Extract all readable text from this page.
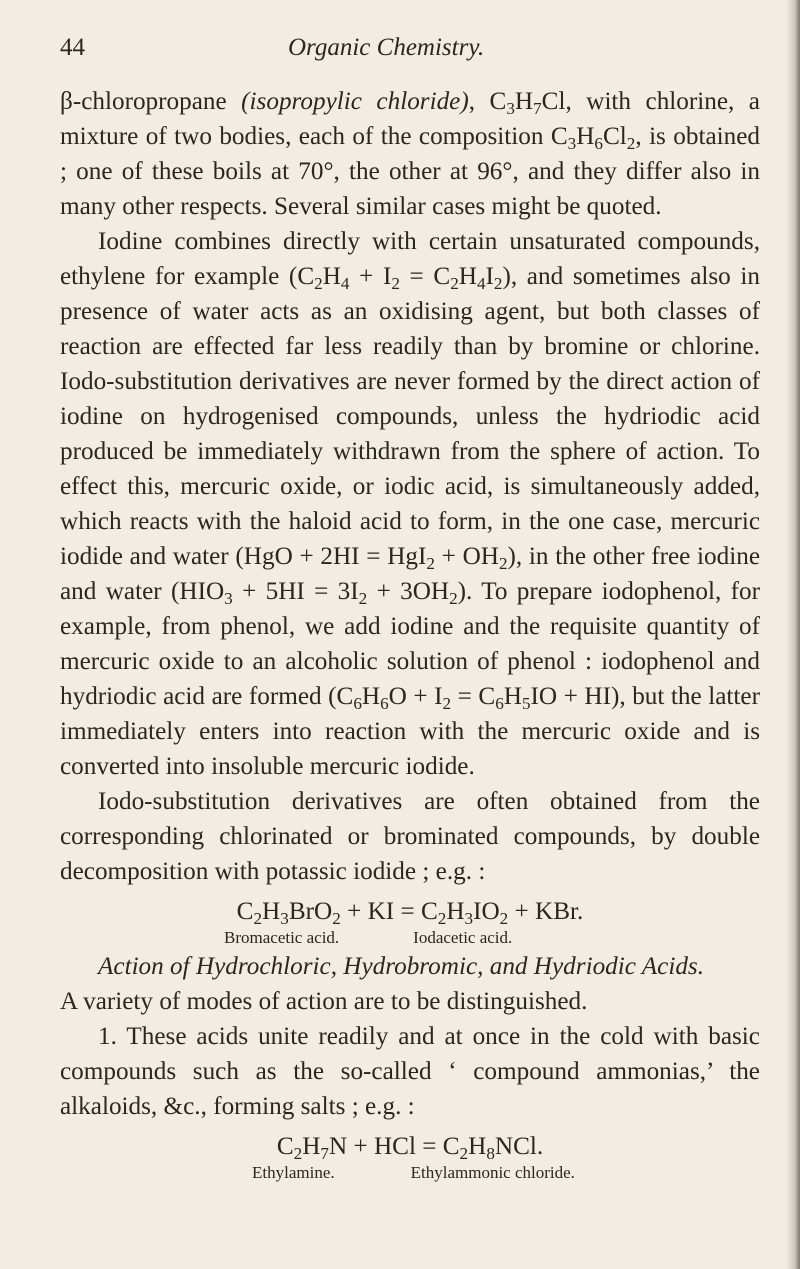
44	Organic Chemistry.

β-chloropropane (isopropylic chloride), $C_3H_7Cl$, with chlorine, a mixture of two bodies, each of the composition $C_3H_6Cl_2$, is obtained ; one of these boils at 70°, the other at 96°, and they differ also in many other respects. Several similar cases might be quoted.

Iodine combines directly with certain unsaturated compounds, ethylene for example $(C_2H_4 + I_2 = C_2H_4I_2)$, and sometimes also in presence of water acts as an oxidising agent, but both classes of reaction are effected far less readily than by bromine or chlorine. Iodo-substitution derivatives are never formed by the direct action of iodine on hydrogenised compounds, unless the hydriodic acid produced be immediately withdrawn from the sphere of action. To effect this, mercuric oxide, or iodic acid, is simultaneously added, which reacts with the haloid acid to form, in the one case, mercuric iodide and water $(HgO + 2HI = HgI_2 + OH_2)$, in the other free iodine and water $(HIO_3 + 5HI = 3I_2 + 3OH_2)$. To prepare iodophenol, for example, from phenol, we add iodine and the requisite quantity of mercuric oxide to an alcoholic solution of phenol : iodophenol and hydriodic acid are formed $(C_6H_6O + I_2 = C_6H_5IO + HI)$, but the latter immediately enters into reaction with the mercuric oxide and is converted into insoluble mercuric iodide.

Iodo-substitution derivatives are often obtained from the corresponding chlorinated or brominated compounds, by double decomposition with potassic iodide ; e.g. :

$C_2H_3BrO_2$ + KI = $C_2H_3IO_2$ + KBr.
Bromacetic acid.	Iodacetic acid.

Action of Hydrochloric, Hydrobromic, and Hydriodic Acids.

A variety of modes of action are to be distinguished.

1. These acids unite readily and at once in the cold with basic compounds such as the so-called ‘ compound ammonias,’ the alkaloids, &c., forming salts ; e.g. :

$C_2H_7N$ + HCl = $C_2H_8NCl$.
Ethylamine.	Ethylammonic chloride.
